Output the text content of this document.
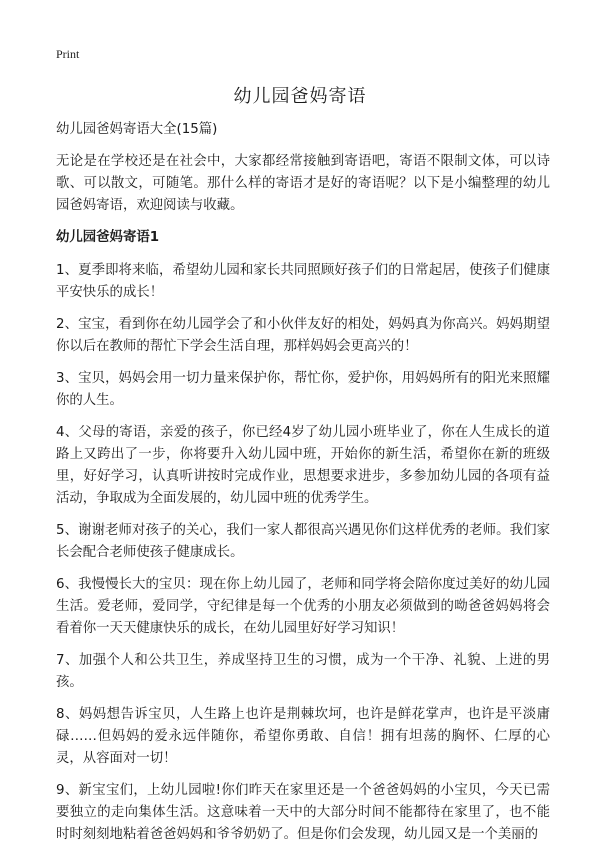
Print
幼儿园爸妈寄语

幼儿园爸妈寄语大全(15篇)

无论是在学校还是在社会中，大家都经常接触到寄语吧，寄语不限制文体，可以诗歌、可以散文，可随笔。那什么样的寄语才是好的寄语呢？以下是小编整理的幼儿园爸妈寄语，欢迎阅读与收藏。

幼儿园爸妈寄语1

1、夏季即将来临，希望幼儿园和家长共同照顾好孩子们的日常起居，使孩子们健康平安快乐的成长！

2、宝宝，看到你在幼儿园学会了和小伙伴友好的相处，妈妈真为你高兴。妈妈期望你以后在教师的帮忙下学会生活自理，那样妈妈会更高兴的！

3、宝贝，妈妈会用一切力量来保护你，帮忙你，爱护你，用妈妈所有的阳光来照耀你的人生。

4、父母的寄语，亲爱的孩子，你已经4岁了幼儿园小班毕业了，你在人生成长的道路上又跨出了一步，你将要升入幼儿园中班，开始你的新生活，希望你在新的班级里，好好学习，认真听讲按时完成作业，思想要求进步，多参加幼儿园的各项有益活动，争取成为全面发展的，幼儿园中班的优秀学生。

5、谢谢老师对孩子的关心，我们一家人都很高兴遇见你们这样优秀的老师。我们家长会配合老师使孩子健康成长。

6、我慢慢长大的宝贝：现在你上幼儿园了，老师和同学将会陪你度过美好的幼儿园生活。爱老师，爱同学，守纪律是每一个优秀的小朋友必须做到的呦爸爸妈妈将会看着你一天天健康快乐的成长，在幼儿园里好好学习知识！

7、加强个人和公共卫生，养成坚持卫生的习惯，成为一个干净、礼貌、上进的男孩。

8、妈妈想告诉宝贝，人生路上也许是荆棘坎坷，也许是鲜花掌声，也许是平淡庸碌……但妈妈的爱永远伴随你，希望你勇敢、自信！拥有坦荡的胸怀、仁厚的心灵，从容面对一切！

9、新宝宝们，上幼儿园啦!你们昨天在家里还是一个爸爸妈妈的小宝贝，今天已需要独立的走向集体生活。这意味着一天中的大部分时间不能都待在家里了，也不能时时刻刻地粘着爸爸妈妈和爷爷奶奶了。但是你们会发现，幼儿园又是一个美丽的
